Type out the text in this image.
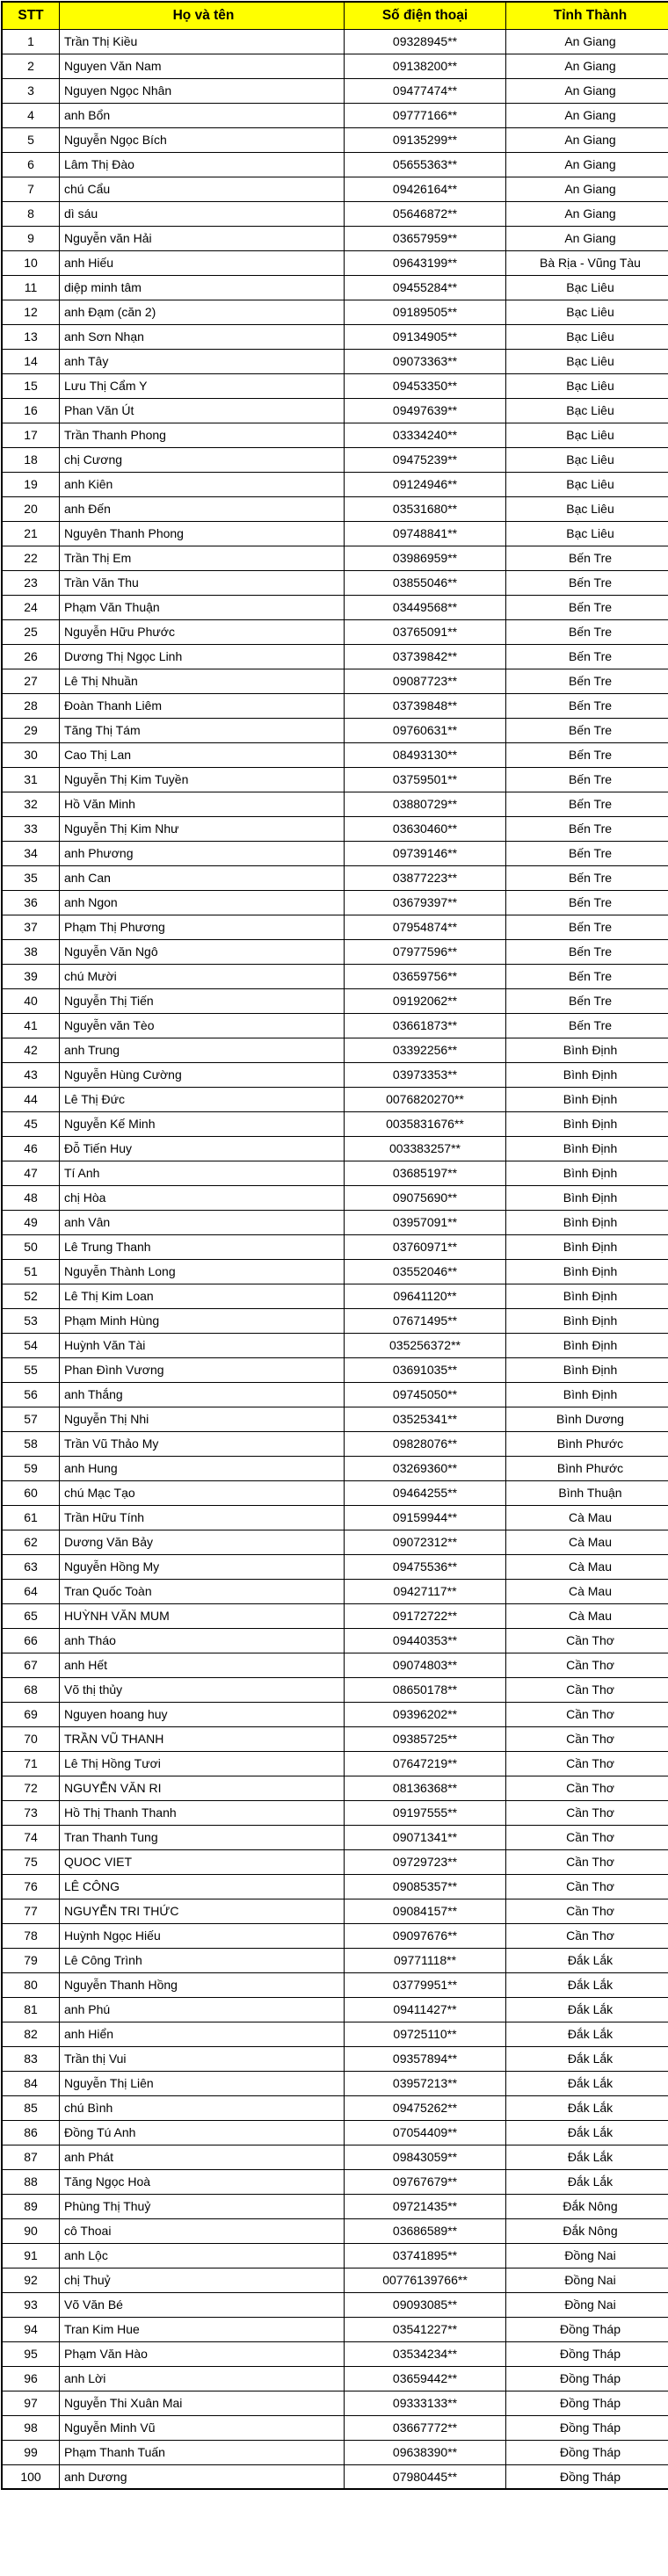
STT	Họ và tên	Số điện thoại	Tỉnh Thành
1	Trần Thị Kiều	09328945**	An Giang
2	Nguyen Văn Nam	09138200**	An Giang
3	Nguyen Ngọc Nhân	09477474**	An Giang
4	anh Bổn	09777166**	An Giang
5	Nguyễn Ngọc Bích	09135299**	An Giang
6	Lâm Thị Đào	05655363**	An Giang
7	chú Cẩu	09426164**	An Giang
8	dì sáu	05646872**	An Giang
9	Nguyễn văn Hải	03657959**	An Giang
10	anh Hiếu	09643199**	Bà Rịa - Vũng Tàu
11	diệp minh tâm	09455284**	Bạc Liêu
12	anh Đạm (căn 2)	09189505**	Bạc Liêu
13	anh Sơn Nhạn	09134905**	Bạc Liêu
14	anh Tây	09073363**	Bạc Liêu
15	Lưu Thị Cẩm Y	09453350**	Bạc Liêu
16	Phan Văn Út	09497639**	Bạc Liêu
17	Trần Thanh Phong	03334240**	Bạc Liêu
18	chị Cương	09475239**	Bạc Liêu
19	anh Kiên	09124946**	Bạc Liêu
20	anh Đến	03531680**	Bạc Liêu
21	Nguyên Thanh Phong	09748841**	Bạc Liêu
22	Trần Thị Em	03986959**	Bến Tre
23	Trần Văn Thu	03855046**	Bến Tre
24	Phạm Văn Thuận	03449568**	Bến Tre
25	Nguyễn Hữu Phước	03765091**	Bến Tre
26	Dương Thị Ngọc Linh	03739842**	Bến Tre
27	Lê Thị Nhuần	09087723**	Bến Tre
28	Đoàn Thanh Liêm	03739848**	Bến Tre
29	Tăng Thị Tám	09760631**	Bến Tre
30	Cao Thị Lan	08493130**	Bến Tre
31	Nguyễn Thị Kim Tuyền	03759501**	Bến Tre
32	Hồ Văn Minh	03880729**	Bến Tre
33	Nguyễn Thị Kim Như	03630460**	Bến Tre
34	anh Phương	09739146**	Bến Tre
35	anh Can	03877223**	Bến Tre
36	anh Ngon	03679397**	Bến Tre
37	Phạm Thị Phương	07954874**	Bến Tre
38	Nguyễn Văn Ngô	07977596**	Bến Tre
39	chú Mười	03659756**	Bến Tre
40	Nguyễn Thị Tiến	09192062**	Bến Tre
41	Nguyễn văn Tèo	03661873**	Bến Tre
42	anh Trung	03392256**	Bình Định
43	Nguyễn Hùng Cường	03973353**	Bình Định
44	Lê Thị Đức	0076820270**	Bình Định
45	Nguyễn Kế Minh	0035831676**	Bình Định
46	Đỗ Tiến Huy	003383257**	Bình Định
47	Tí Anh	03685197**	Bình Định
48	chị Hòa	09075690**	Bình Định
49	anh Vân	03957091**	Bình Định
50	Lê Trung Thanh	03760971**	Bình Định
51	Nguyễn Thành Long	03552046**	Bình Định
52	Lê Thị Kim Loan	09641120**	Bình Định
53	Phạm Minh Hùng	07671495**	Bình Định
54	Huỳnh Văn Tài	035256372**	Bình Định
55	Phan Đình Vương	03691035**	Bình Định
56	anh Thắng	09745050**	Bình Định
57	Nguyễn Thị Nhi	03525341**	Bình Dương
58	Trần Vũ Thảo My	09828076**	Bình Phước
59	anh Hung	03269360**	Bình Phước
60	chú Mạc Tạo	09464255**	Bình Thuận
61	Trần Hữu Tính	09159944**	Cà Mau
62	Dương Văn Bảy	09072312**	Cà Mau
63	Nguyễn Hồng My	09475536**	Cà Mau
64	Tran Quốc Toàn	09427117**	Cà Mau
65	HUỲNH VĂN MUM	09172722**	Cà Mau
66	anh Tháo	09440353**	Cần Thơ
67	anh Hết	09074803**	Cần Thơ
68	Võ thị thủy	08650178**	Cần Thơ
69	Nguyen hoang huy	09396202**	Cần Thơ
70	TRẦN VŨ THANH	09385725**	Cần Thơ
71	Lê Thị Hồng Tươi	07647219**	Cần Thơ
72	NGUYỄN VĂN RI	08136368**	Cần Thơ
73	Hồ Thị Thanh Thanh	09197555**	Cần Thơ
74	Tran Thanh Tung	09071341**	Cần Thơ
75	QUOC VIET	09729723**	Cần Thơ
76	LÊ CÔNG	09085357**	Cần Thơ
77	NGUYỄN TRI THỨC	09084157**	Cần Thơ
78	Huỳnh Ngọc Hiếu	09097676**	Cần Thơ
79	Lê Công Trình	09771118**	Đắk Lắk
80	Nguyễn Thanh Hồng	03779951**	Đắk Lắk
81	anh Phú	09411427**	Đắk Lắk
82	anh Hiển	09725110**	Đắk Lắk
83	Trần thị Vui	09357894**	Đắk Lắk
84	Nguyễn Thị Liên	03957213**	Đắk Lắk
85	chú Bình	09475262**	Đắk Lắk
86	Đồng Tú Anh	07054409**	Đắk Lắk
87	anh Phát	09843059**	Đắk Lắk
88	Tăng Ngọc Hoà	09767679**	Đắk Lắk
89	Phùng Thị Thuỷ	09721435**	Đắk Nông
90	cô Thoai	03686589**	Đắk Nông
91	anh Lộc	03741895**	Đồng Nai
92	chị Thuỷ	00776139766**	Đồng Nai
93	Võ Văn Bé	09093085**	Đồng Nai
94	Tran Kim Hue	03541227**	Đồng Tháp
95	Phạm Văn Hào	03534234**	Đồng Tháp
96	anh Lời	03659442**	Đồng Tháp
97	Nguyễn Thi Xuân Mai	09333133**	Đồng Tháp
98	Nguyễn Minh Vũ	03667772**	Đồng Tháp
99	Phạm Thanh Tuấn	09638390**	Đồng Tháp
100	anh Dương	07980445**	Đồng Tháp
